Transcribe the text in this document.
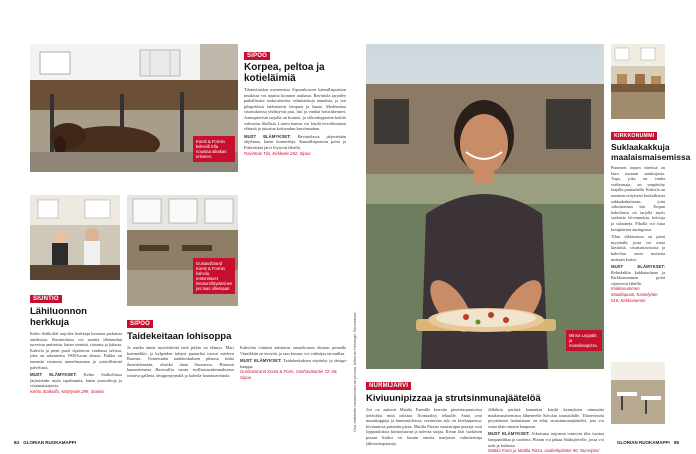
Konst & Formin kekoviš Ella noustaa aikakan ortiveen.
Gustavsbrand Konst & Formin kahvila restorelavet kesäuro/löytäminen jos taas ollessaan.
SIUNTIO
Lähiluonnon herkkuja
Kehto Stalkolfal tarjoilee herkkuja luonnon parhaista aineksista. Ravintolassa voi nauttia lähiseudun tuoreista antimista, kuten sienistä, riistasta ja kalasta. Kahvila ja pieni puoti sijaitsevat vanhassa talossa, joka on rakennettu 1900-luvun alussa. Paikka on tunnettu rennosta tunnelmastaan ja ystävällisestä palvelusta.
MUST ELÄMYKSET: Kehto Stalkolfassa järjestetään myös tapahtumia, kuten juustoiltoja ja viinimaistajaisia.
Kehto Stalkolfa, Nittylyntie 299, Siuntio
SIPOO
Korpea, peltoa ja kotieläimiä
Tilaravintolan maisemissa Sipoonkorven kansallispuiston mutkissa voi nauttia luonnon rauhasta. Ravintola tarjoilee paikallisista raaka-aineista valmistettuja annoksia, ja sen pihapiirissä laiduntavat lampaat ja kanat. Modernissa sisustuksessa yhdistyvät puu, lasi ja vanhat hirsirakenteet. Aamupäivisin tarjolla on brunssi, ja viikonloppuisin keittiö valmistaa illallisia. Lasten kanssa voi käydä tervehtimässä eläimiä ja tutustua kotiseudun kasvimaahan.
MUST ELÄMYKSET: Ravintolassa järjestetään ohjelmaa, kuten konsertteja. Kansallispuiston polut ja Fiskträskin järvi löytyvät lähellä.
Ravintola Tila, Kirkkotie 262, Sipoo
SIPOO
Taidekeitaan lohisoppa
Jo matka tänne myötäilevää tietä pitkin on elämys. Mari kommelikö, ja kylpeiden talojen puutarhat tuovat mieleen Ruotsin. Viimeistään taidekeskuksen pihassa tietää ihmettelemään, olisiiko tämä Suomessa. Hienosti kunnostetussa Hartwallin suvun teollisuusrakennuksessa toimiva galleria, designmyymälä ja kahvila-lounasravintola.
Kahvilan viininsä adottavat omatekoisen olutsan pinnalle. Vinnikkän on terryttä, ja taas kuvaus voi valitsijaa tarvanllaa.
MUST ELÄMYKSET: Taidekeskuksen näyttelyt ja design-kauppa.
Gumbostrand Konst & Form, Vanhasätantie 72–28, Sipoo
84 GLORIAN RUOKAMAPPI
Osa artikkelin ravintoloista on jaossa Jolkeras Helsingin Sanomissa.	Minna Leppälä ja mansikanpizza.
NURMIJÄRVI
Kiviuunipizzaa ja strutsinmunajäätelöä
Joo on aatturut Mattila Farmille kerrottu pizzeriaopastoissa tietäväksi mitä odottaa. Normaalisy tekuulle. Siinä ovat munakuppeja ja lammasiiloissa, ravintolan talo on kivikaapeissa, kiviuunissa paistettu pizza. Mattila Pizzan surutstrapm pizzaja ovat lopputuloksia kiinnostavan ja tulevaa sarjaa. Kivun liiat suolaisen pizzan lisäksi on farmin omista marjoista valmistettuja jälkiruokapizzoja.
Jälkikiin perästä kannattaa käydä kynnyksen minuuttia maalaismaisemissa lähteneelle Ketolan strutsitilalle. Tilaravintola pöytäisensä herkuistaan on tehty strutsinmunajäätelöä, jota voi ostaa tilan omasta kaupasta.
MUST ELÄMYKSET: Aikuisaan tarjoama toimivat tilia tuottaa lampaanlihaa ja tuotteita. Pizzan voi jatkaa Sääksjärvelle, jossa voi uida ja kalastaa.
Mattila Farm ja Mattila Pizza, Uudenkyläntie 90, Nurmijärvi
KIRKKONUMMI
Suklaakakkuja maalaismaisemissa
Punaisen torpan väreissä on kuin suoraan satukirjasta. Tupa, joka on vanha sotilasmaja, on ympäröity laajalla puutarhalla. Kahvila on tunnettu erityisesti herkullisista suklaakakuistaan, joita valmistetaan itse. Torpan kahvilassa on tarjolla myös suolaisia leivonnaisia, keittoja ja salaatteja. Pihalla voi istua kesäpäivinä auringossa.
Tilan yläkerrassa on pieni myymälä, josta voi ostaa käsitöitä, sisustustavaroita ja kahvilan omia tuotteita mukaan kotiin.
MUST ELÄMYKSET: Rehodahlia kukkatarhaan ja Kirkkonummen polut sijaitsevat lähellä.
Kirkkonummen Maatilapuoti, Kastelyntie 516, Kirkkonummi
GLORIAN RUOKAMAPPI 85
